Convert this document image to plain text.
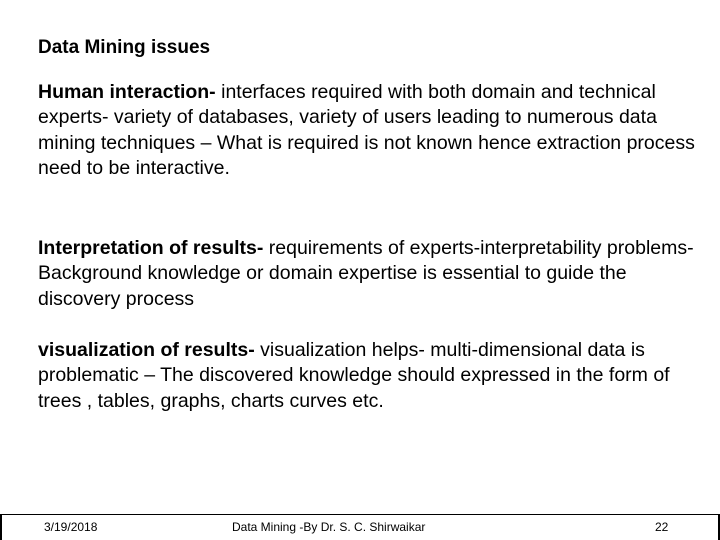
Data Mining issues
Human interaction- interfaces required with both domain and technical experts- variety of databases, variety of users leading to numerous data mining techniques – What is required is not known hence extraction process need to be interactive.
Interpretation of results- requirements of experts-interpretability problems- Background knowledge or domain expertise is essential to guide the discovery process
visualization of results- visualization helps- multi-dimensional data is problematic – The discovered knowledge should expressed in the form of trees , tables, graphs, charts curves etc.
3/19/2018	Data Mining -By Dr. S. C. Shirwaikar	22
